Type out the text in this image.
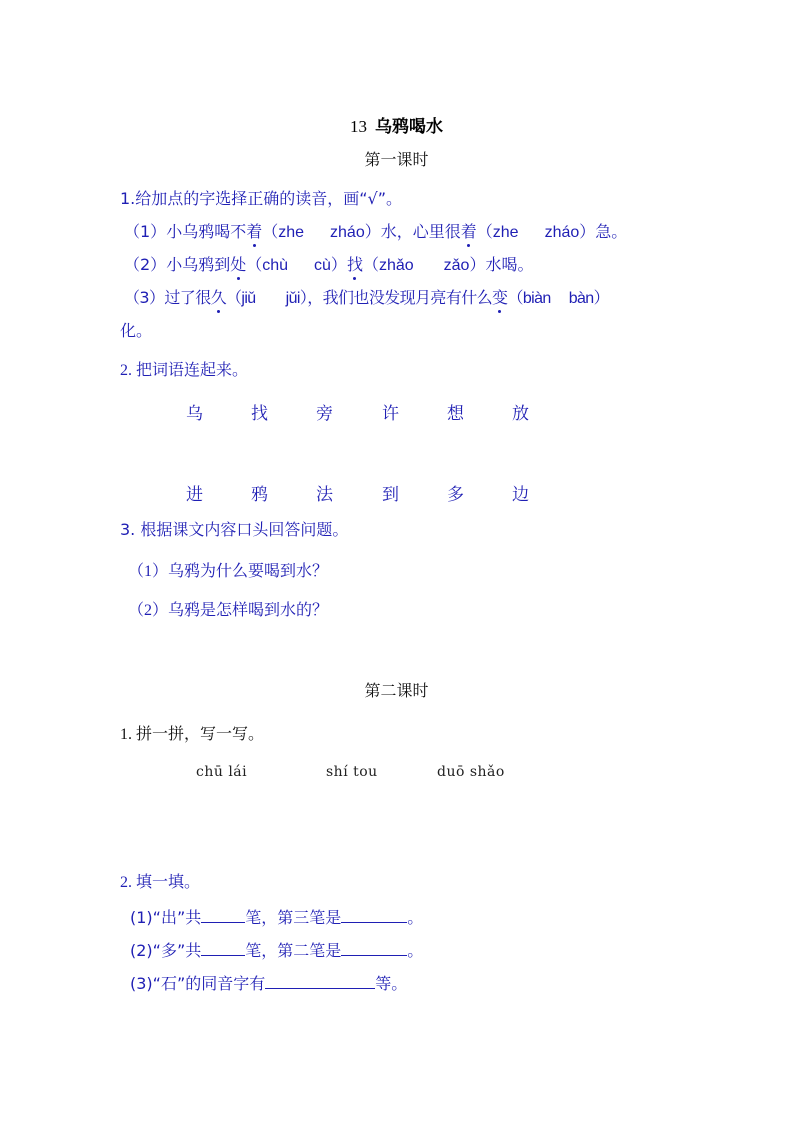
13 乌鸦喝水
第一课时
1.给加点的字选择正确的读音，画“√”。
（1）小乌鸦喝不着（zhe zháo）水，心里很着（zhe zháo）急。
（2）小乌鸦到处（chù cù）找（zhǎo zǎo）水喝。
（3）过了很久（jiǔ jǔi），我们也没发现月亮有什么变（biàn bàn）
化。
2. 把词语连起来。
乌	找	旁	许	想	放
进	鸦	法	到	多	边
3. 根据课文内容口头回答问题。
（1）乌鸦为什么要喝到水？
（2）乌鸦是怎样喝到水的？
第二课时
1. 拼一拼，写一写。
chū lái	shí tou	duō shǎo
2. 填一填。
(1)“出”共	笔，第三笔是	。
(2)“多”共	笔，第二笔是	。
(3)“石”的同音字有	等。
